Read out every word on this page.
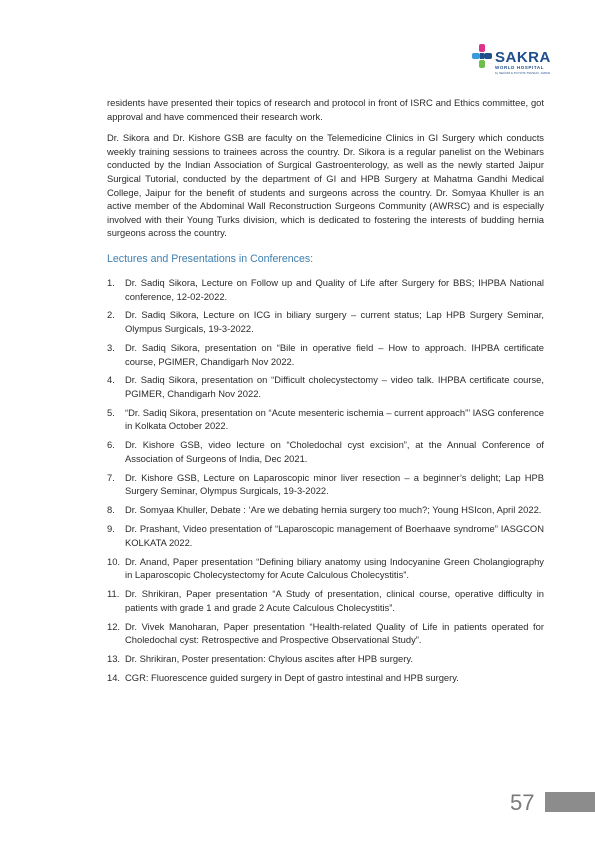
SAKRA
WORLD HOSPITAL
by SECOM & TOYOTA TSUSHO, JAPAN

residents have presented their topics of research and protocol in front of ISRC and Ethics committee, got approval and have commenced their research work.

Dr. Sikora and Dr. Kishore GSB are faculty on the Telemedicine Clinics in GI Surgery which conducts weekly training sessions to trainees across the country. Dr. Sikora is a regular panelist on the Webinars conducted by the Indian Association of Surgical Gastroenterology, as well as the newly started Jaipur Surgical Tutorial, conducted by the department of GI and HPB Surgery at Mahatma Gandhi Medical College, Jaipur for the benefit of students and surgeons across the country. Dr. Somyaa Khuller is an active member of the Abdominal Wall Reconstruction Surgeons Community (AWRSC) and is especially involved with their Young Turks division, which is dedicated to fostering the interests of budding hernia surgeons across the country.

Lectures and Presentations in Conferences:
1. Dr. Sadiq Sikora, Lecture on Follow up and Quality of Life after Surgery for BBS; IHPBA National conference, 12-02-2022.
2. Dr. Sadiq Sikora, Lecture on ICG in biliary surgery – current status; Lap HPB Surgery Seminar, Olympus Surgicals, 19-3-2022.
3. Dr. Sadiq Sikora, presentation on “Bile in operative field – How to approach. IHPBA certificate course, PGIMER, Chandigarh Nov 2022.
4. Dr. Sadiq Sikora, presentation on “Difficult cholecystectomy – video talk. IHPBA certificate course, PGIMER, Chandigarh Nov 2022.
5. “Dr. Sadiq Sikora, presentation on “Acute mesenteric ischemia – current approach”’ IASG conference in Kolkata October 2022.
6. Dr. Kishore GSB, video lecture on “Choledochal cyst excision”, at the Annual Conference of Association of Surgeons of India, Dec 2021.
7. Dr. Kishore GSB, Lecture on Laparoscopic minor liver resection – a beginner’s delight; Lap HPB Surgery Seminar, Olympus Surgicals, 19-3-2022.
8. Dr. Somyaa Khuller, Debate : ‘Are we debating hernia surgery too much?; Young HSIcon, April 2022.
9. Dr. Prashant, Video presentation of “Laparoscopic management of Boerhaave syndrome” IASGCON KOLKATA 2022.
10. Dr. Anand, Paper presentation “Defining biliary anatomy using Indocyanine Green Cholangiography in Laparoscopic Cholecystectomy for Acute Calculous Cholecystitis”.
11. Dr. Shrikiran, Paper presentation “A Study of presentation, clinical course, operative difficulty in patients with grade 1 and grade 2 Acute Calculous Cholecystitis”.
12. Dr. Vivek Manoharan, Paper presentation “Health-related Quality of Life in patients operated for Choledochal cyst: Retrospective and Prospective Observational Study”.
13. Dr. Shrikiran, Poster presentation: Chylous ascites after HPB surgery.
14. CGR: Fluorescence guided surgery in Dept of gastro intestinal and HPB surgery.
57
